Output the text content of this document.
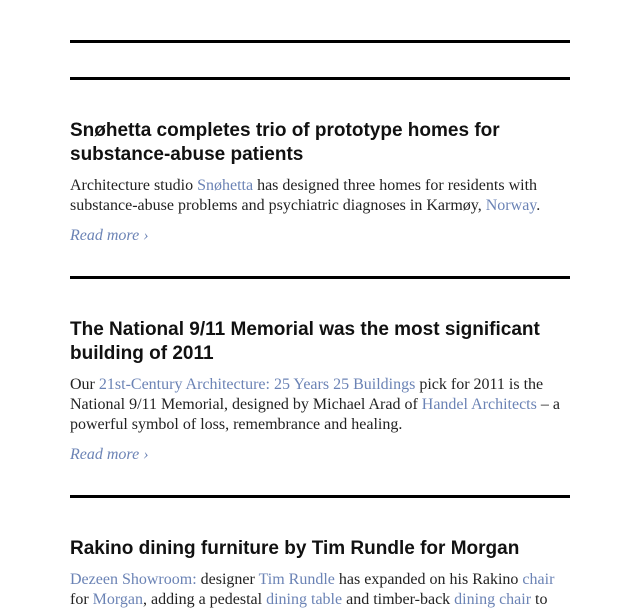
Snøhetta completes trio of prototype homes for substance-abuse patients

Architecture studio Snøhetta has designed three homes for residents with substance-abuse problems and psychiatric diagnoses in Karmøy, Norway.

Read more ›
The National 9/11 Memorial was the most significant building of 2011

Our 21st-Century Architecture: 25 Years 25 Buildings pick for 2011 is the National 9/11 Memorial, designed by Michael Arad of Handel Architects – a powerful symbol of loss, remembrance and healing.

Read more ›
Rakino dining furniture by Tim Rundle for Morgan

Dezeen Showroom: designer Tim Rundle has expanded on his Rakino chair for Morgan, adding a pedestal dining table and timber-back dining chair to
